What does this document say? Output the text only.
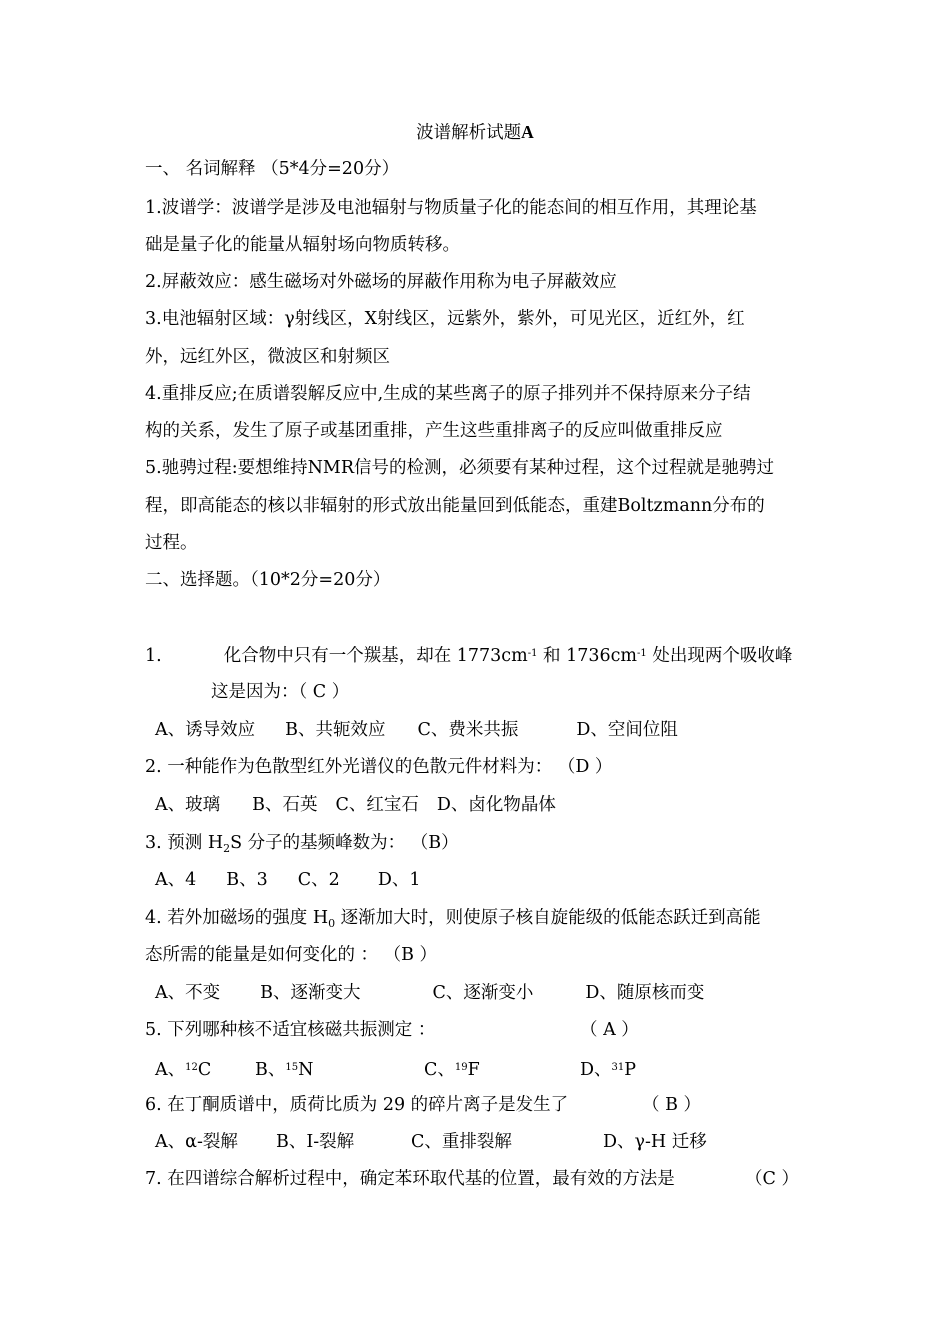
波谱解析试题A
一、 名词解释 （5*4分=20分）
1.波谱学：波谱学是涉及电池辐射与物质量子化的能态间的相互作用，其理论基
础是量子化的能量从辐射场向物质转移。
2.屏蔽效应：感生磁场对外磁场的屏蔽作用称为电子屏蔽效应
3.电池辐射区域：γ射线区，X射线区，远紫外，紫外，可见光区，近红外，红
外，远红外区，微波区和射频区
4.重排反应;在质谱裂解反应中,生成的某些离子的原子排列并不保持原来分子结
构的关系，发生了原子或基团重排，产生这些重排离子的反应叫做重排反应
5.驰骋过程:要想维持NMR信号的检测，必须要有某种过程，这个过程就是驰骋过
程，即高能态的核以非辐射的形式放出能量回到低能态，重建Boltzmann分布的
过程。
二、选择题。（10*2分=20分）
1.	化合物中只有一个羰基，却在 $1773cm^{-1}$ 和 $1736cm^{-1}$ 处出现两个吸收峰
这是因为：（ C ）
A、诱导效应 B、共轭效应 C、费米共振	D、空间位阻
2. 一种能作为色散型红外光谱仪的色散元件材料为： （D ）
A、玻璃 B、石英 C、红宝石 D、卤化物晶体
3. 预测 $H_2S$ 分子的基频峰数为： （B）
A、4 B、3 C、2 D、1
4. 若外加磁场的强度 $H_0$ 逐渐加大时，则使原子核自旋能级的低能态跃迁到高能
态所需的能量是如何变化的 ： （B ）
A、不变 B、逐渐变大	C、逐渐变小	D、随原核而变
5. 下列哪种核不适宜核磁共振测定 ：	（ A ）
A、$^{12}$C B、$^{15}$N	C、$^{19}$F	D、$^{31}$P
6. 在丁酮质谱中，质荷比质为 29 的碎片离子是发生了	（ B ）
A、α-裂解 B、I-裂解	C、重排裂解	D、γ-H 迁移
7. 在四谱综合解析过程中，确定苯环取代基的位置，最有效的方法是	（C ）
